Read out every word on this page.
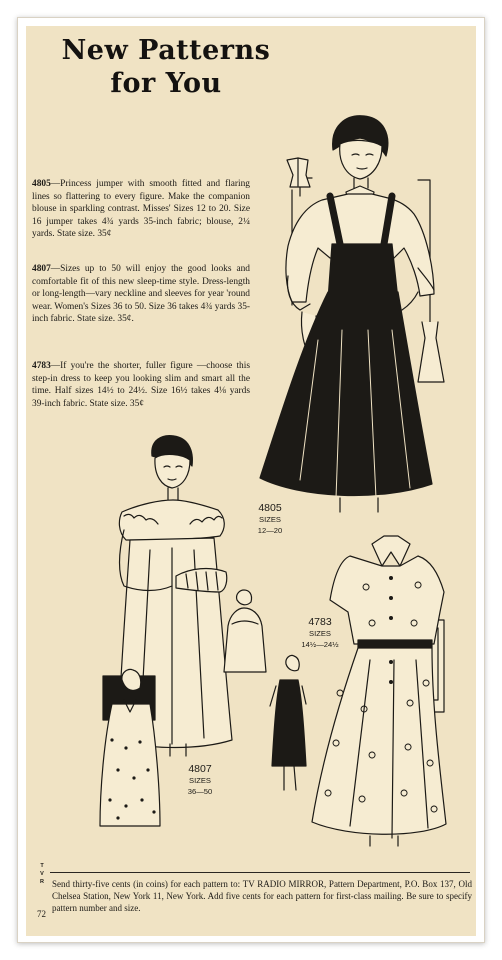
New Patterns
for You
4805—Princess jumper with smooth fitted and flaring lines so flattering to every figure. Make the companion blouse in sparkling contrast. Misses' Sizes 12 to 20. Size 16 jumper takes 4¾ yards 35-inch fabric; blouse, 2¼ yards. State size. 35¢
4807—Sizes up to 50 will enjoy the good looks and comfortable fit of this new sleep-time style. Dress-length or long-length—vary neckline and sleeves for year 'round wear. Women's Sizes 36 to 50. Size 36 takes 4¾ yards 35-inch fabric. State size. 35¢.
4783—If you're the shorter, fuller figure —choose this step-in dress to keep you looking slim and smart all the time. Half sizes 14½ to 24½. Size 16½ takes 4⅛ yards 39-inch fabric. State size. 35¢
4805
SIZES
12—20
4783
SIZES
14½—24½
4807
SIZES
36—50
T
V
R Send thirty-five cents (in coins) for each pattern to: TV RADIO MIRROR, Pattern Department, P.O. Box 137, Old Chelsea Station, New York 11, New York. Add five cents for each pattern for first-class mailing. Be sure to specify pattern number and size.
72
